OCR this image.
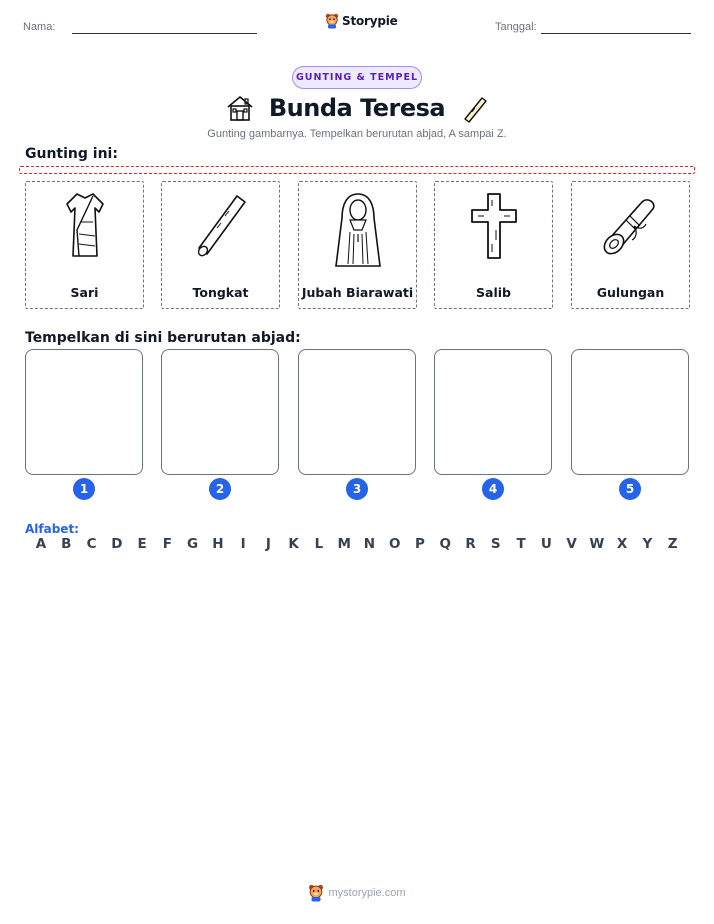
Nama:	Storypie	Tanggal:
GUNTING & TEMPEL
Bunda Teresa
Gunting gambarnya. Tempelkan berurutan abjad, A sampai Z.
Gunting ini:
Sari	Tongkat	Jubah Biarawati	Salib	Gulungan
Tempelkan di sini berurutan abjad:
1	2	3	4	5
Alfabet:
A B C D E F G H	I	J	K L M N O P Q R S T U V W X Y Z
mystorypie.com
